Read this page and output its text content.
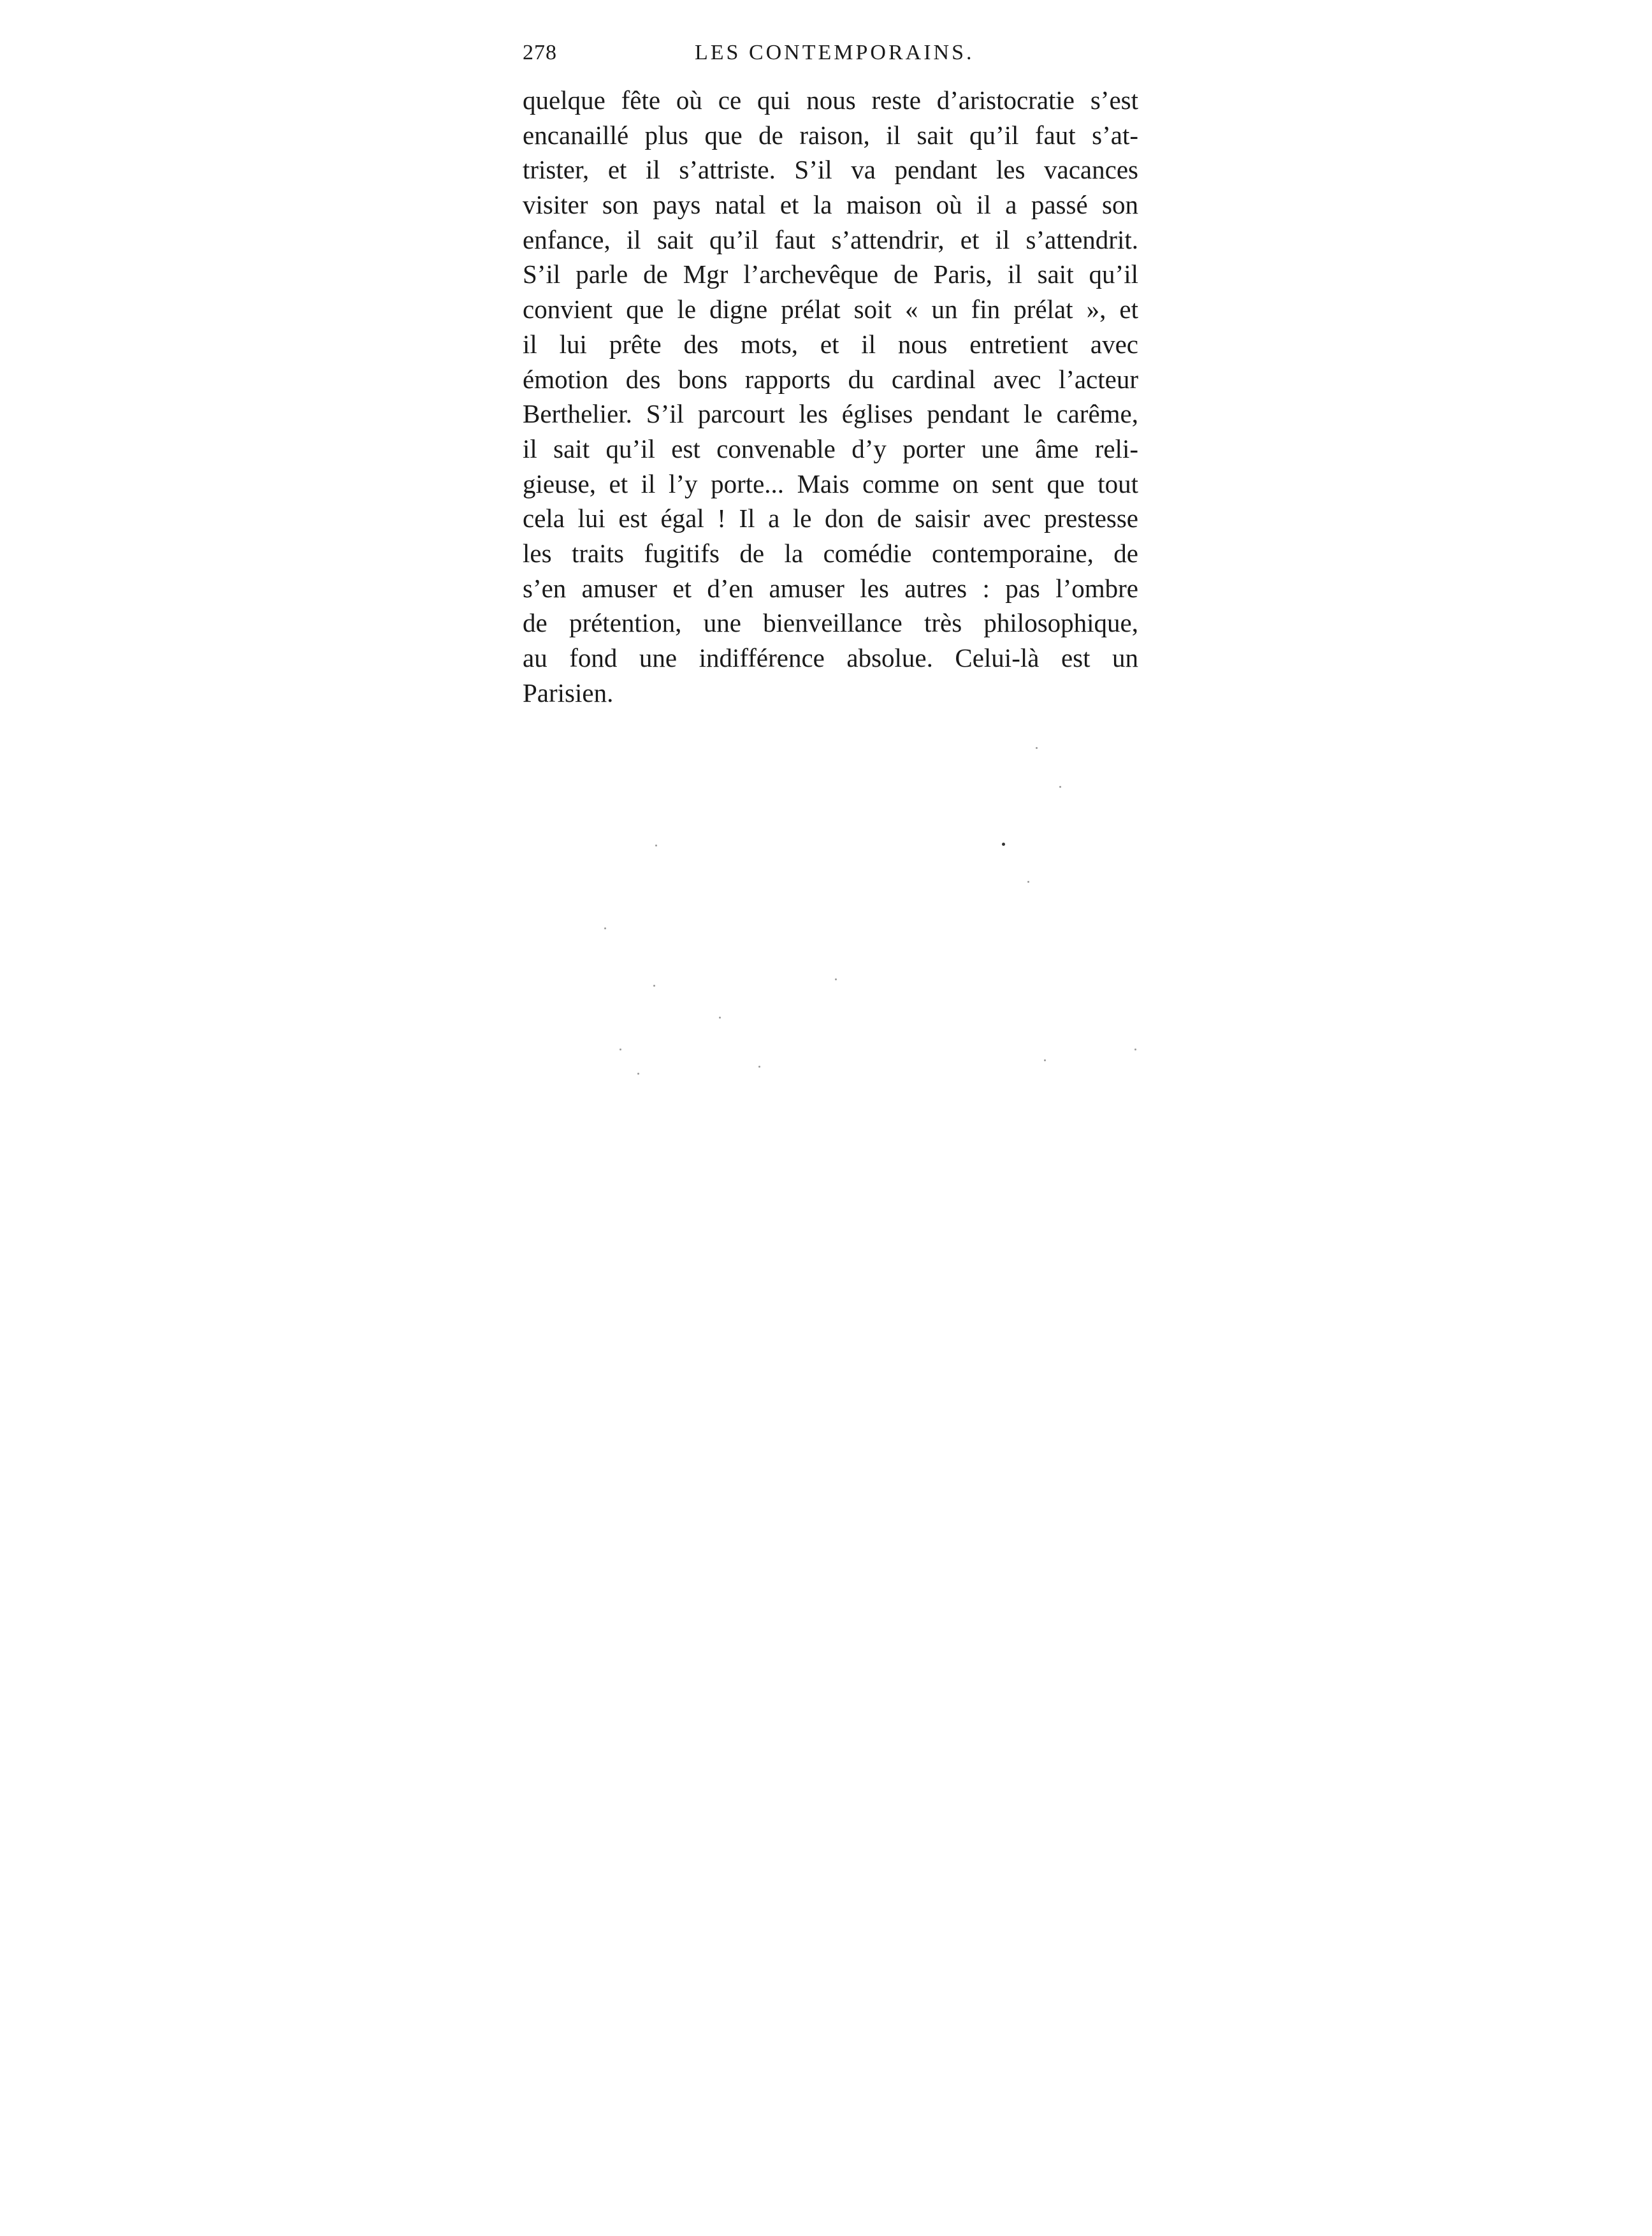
278	LES CONTEMPORAINS.
quelque fête où ce qui nous reste d’aristocratie s’est
encanaillé plus que de raison, il sait qu’il faut s’at-
trister, et il s’attriste. S’il va pendant les vacances
visiter son pays natal et la maison où il a passé son
enfance, il sait qu’il faut s’attendrir, et il s’attendrit.
S’il parle de Mgr l’archevêque de Paris, il sait qu’il
convient que le digne prélat soit « un fin prélat », et
il lui prête des mots, et il nous entretient avec
émotion des bons rapports du cardinal avec l’acteur
Berthelier. S’il parcourt les églises pendant le carême,
il sait qu’il est convenable d’y porter une âme reli-
gieuse, et il l’y porte... Mais comme on sent que tout
cela lui est égal ! Il a le don de saisir avec prestesse
les traits fugitifs de la comédie contemporaine, de
s’en amuser et d’en amuser les autres : pas l’ombre
de prétention, une bienveillance très philosophique,
au fond une indifférence absolue. Celui-là est un
Parisien.
